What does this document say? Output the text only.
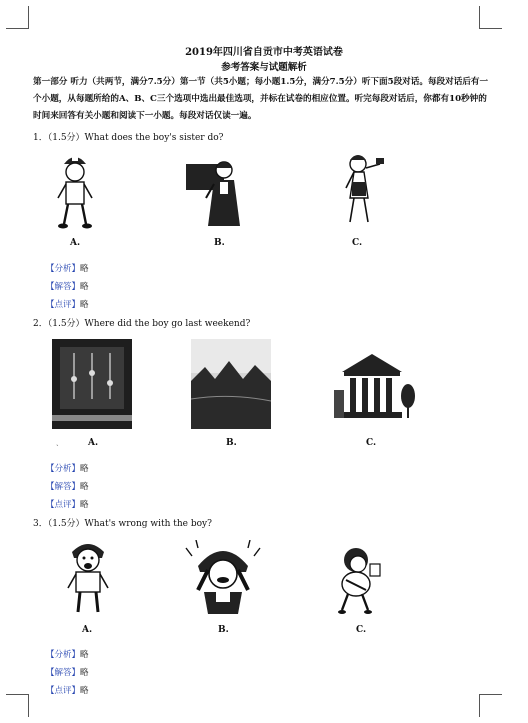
2019年四川省自贡市中考英语试卷
参考答案与试题解析
第一部分 听力（共两节，满分7.5分）第一节（共5小题；每小题1.5分，满分7.5分）听下面5段对话。每段对话后有一个小题，从每题所给的A、B、C三个选项中选出最佳选项，并标在试卷的相应位置。听完每段对话后，你都有10秒钟的时间来回答有关小题和阅读下一小题。每段对话仅读一遍。
1．（1.5分）What does the boy's sister do?
A.	B.	C.
【分析】略
【解答】略
【点评】略
2．（1.5分）Where did the boy go last weekend?
ˎ	A.	B.	C.
【分析】略
【解答】略
【点评】略
3．（1.5分）What's wrong with the boy?
A.	B.	C.
【分析】略
【解答】略
【点评】略
